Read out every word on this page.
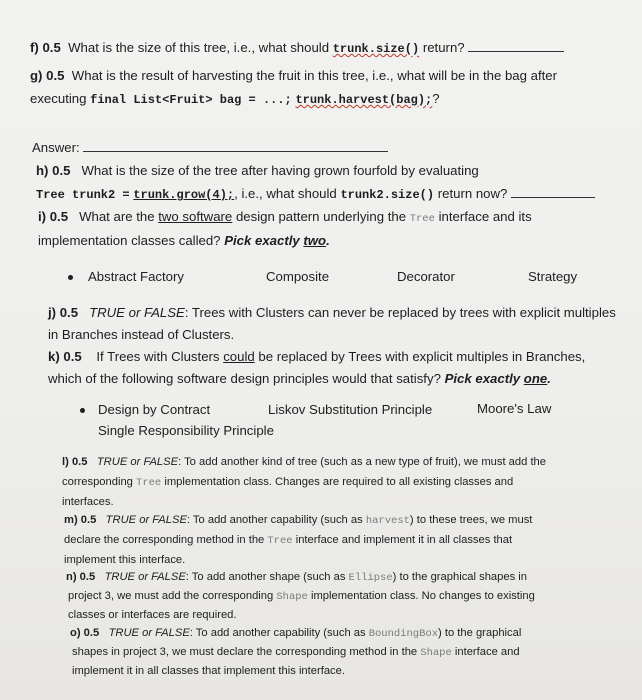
f) 0.5 What is the size of this tree, i.e., what should trunk.size() return?
g) 0.5 What is the result of harvesting the fruit in this tree, i.e., what will be in the bag after
executing final List<Fruit> bag = ...; trunk.harvest(bag);?
Answer:
h) 0.5 What is the size of the tree after having grown fourfold by evaluating
Tree trunk2 = trunk.grow(4);, i.e., what should trunk2.size() return now?
i) 0.5 What are the two software design pattern underlying the Tree interface and its
implementation classes called? Pick exactly two.
Abstract Factory	Composite	Decorator	Strategy
j) 0.5 TRUE or FALSE: Trees with Clusters can never be replaced by trees with explicit multiples
in Branches instead of Clusters.
k) 0.5 If Trees with Clusters could be replaced by Trees with explicit multiples in Branches,
which of the following software design principles would that satisfy? Pick exactly one.
Design by Contract	Liskov Substitution Principle	Moore's Law
Single Responsibility Principle
l) 0.5 TRUE or FALSE: To add another kind of tree (such as a new type of fruit), we must add the
corresponding Tree implementation class. Changes are required to all existing classes and
interfaces.
m) 0.5 TRUE or FALSE: To add another capability (such as harvest) to these trees, we must
declare the corresponding method in the Tree interface and implement it in all classes that
implement this interface.
n) 0.5 TRUE or FALSE: To add another shape (such as Ellipse) to the graphical shapes in
project 3, we must add the corresponding Shape implementation class. No changes to existing
classes or interfaces are required.
o) 0.5 TRUE or FALSE: To add another capability (such as BoundingBox) to the graphical
shapes in project 3, we must declare the corresponding method in the Shape interface and
implement it in all classes that implement this interface.
